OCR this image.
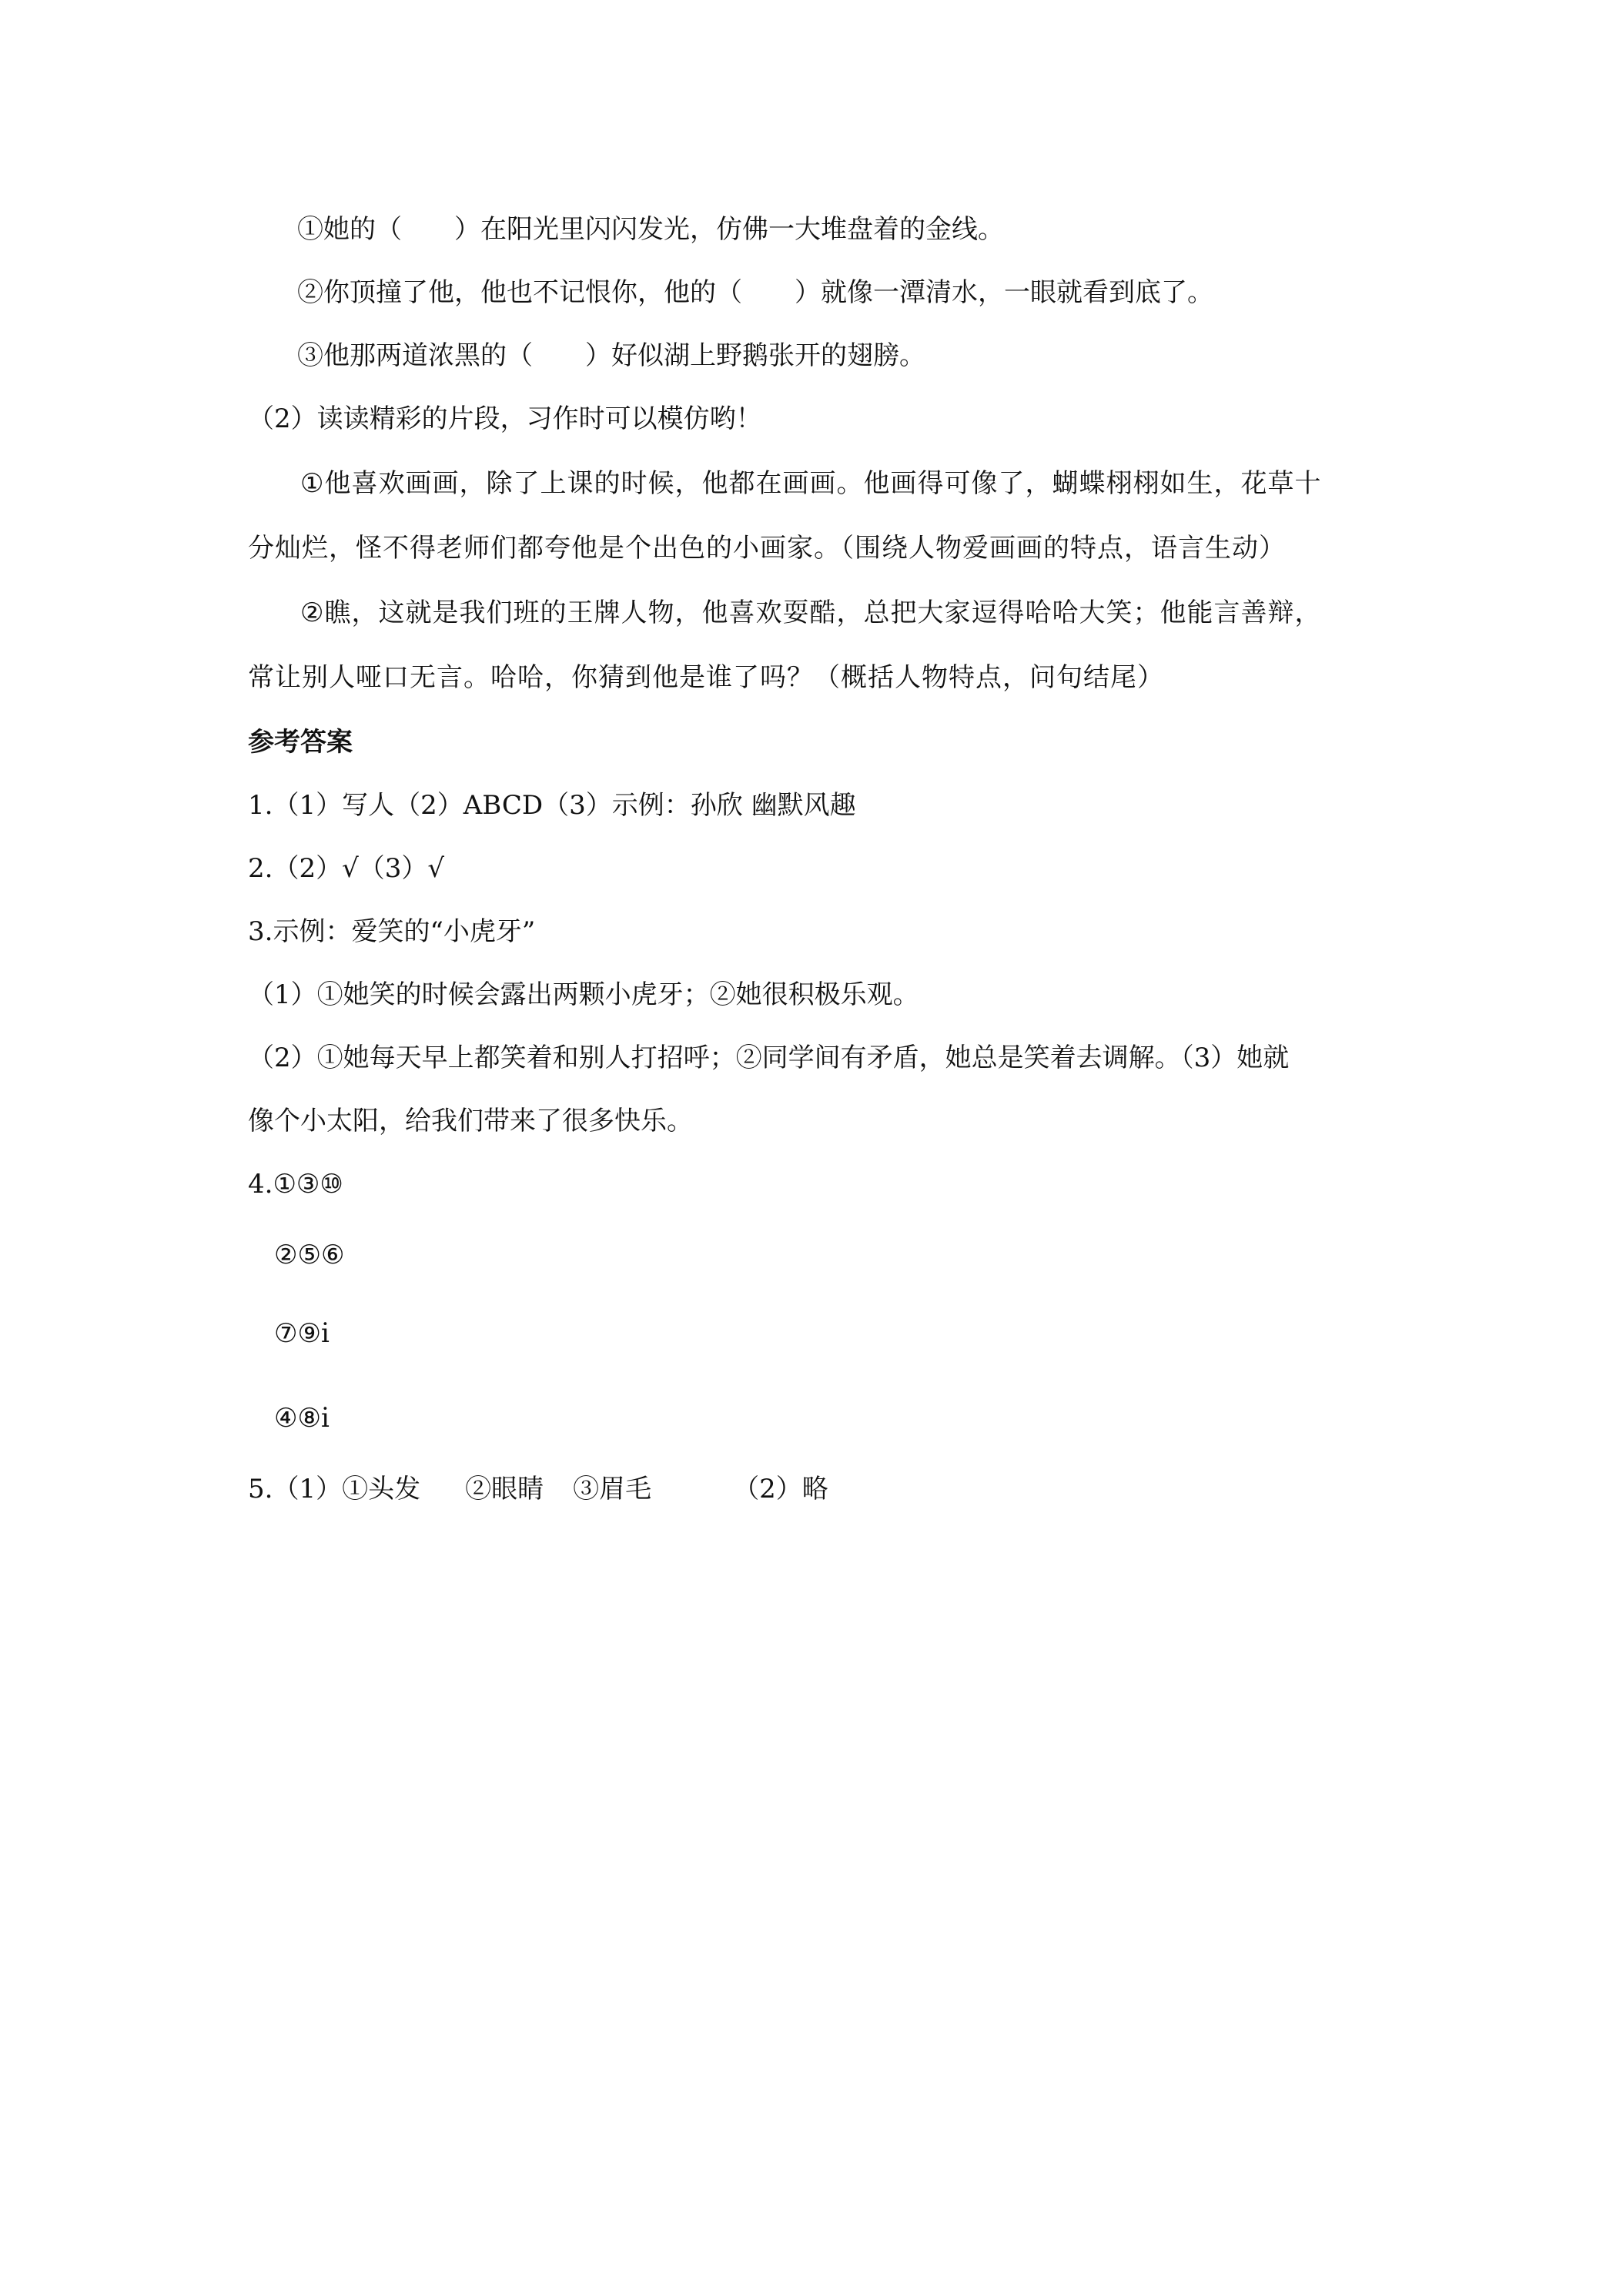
①她的（　　）在阳光里闪闪发光，仿佛一大堆盘着的金线。
②你顶撞了他，他也不记恨你，他的（　　）就像一潭清水，一眼就看到底了。
③他那两道浓黑的（　　）好似湖上野鹅张开的翅膀。
（2）读读精彩的片段，习作时可以模仿哟！
①他喜欢画画，除了上课的时候，他都在画画。他画得可像了，蝴蝶栩栩如生，花草十
分灿烂，怪不得老师们都夸他是个出色的小画家。（围绕人物爱画画的特点，语言生动）
②瞧，这就是我们班的王牌人物，他喜欢耍酷，总把大家逗得哈哈大笑；他能言善辩，
常让别人哑口无言。哈哈，你猜到他是谁了吗？（概括人物特点，问句结尾）
参考答案
1.（1）写人（2）ABCD（3）示例：孙欣 幽默风趣
2.（2）√（3）√
3.示例：爱笑的“小虎牙”
（1）①她笑的时候会露出两颗小虎牙；②她很积极乐观。
（2）①她每天早上都笑着和别人打招呼；②同学间有矛盾，她总是笑着去调解。（3）她就
像个小太阳，给我们带来了很多快乐。
4.①③⑩
②⑤⑥
⑦⑨i̇
④⑧i̇
5.（1）①头发 ②眼睛 ③眉毛	（2）略
